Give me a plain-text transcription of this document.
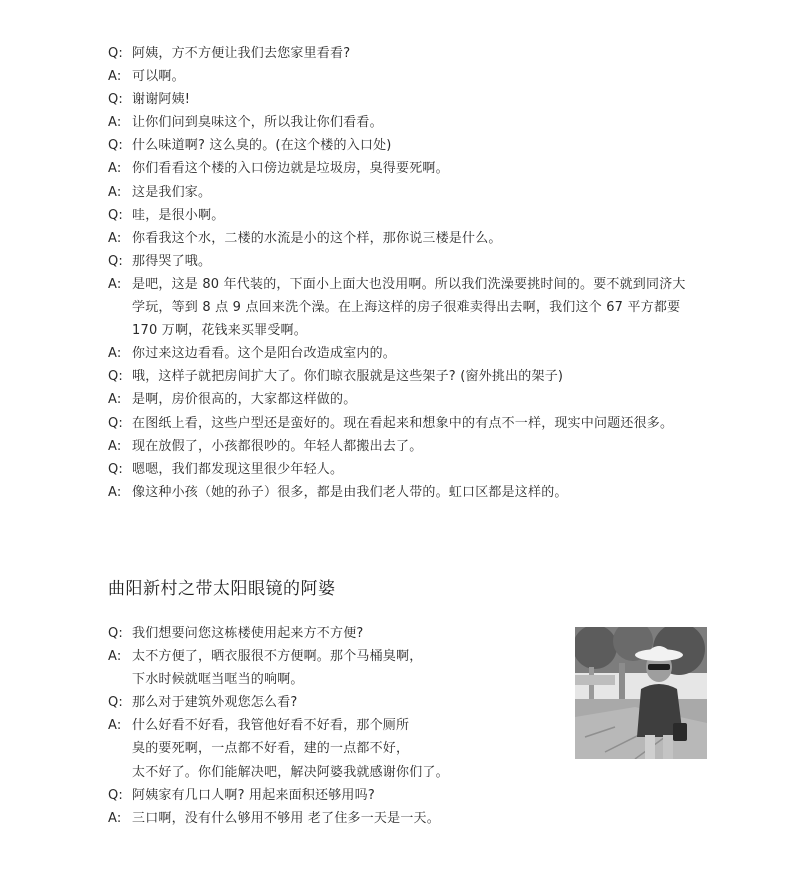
Q: 阿姨，方不方便让我们去您家里看看?
A: 可以啊。
Q: 谢谢阿姨!
A: 让你们问到臭味这个，所以我让你们看看。
Q: 什么味道啊? 这么臭的。(在这个楼的入口处)
A: 你们看看这个楼的入口傍边就是垃圾房，臭得要死啊。
A: 这是我们家。
Q: 哇，是很小啊。
A: 你看我这个水，二楼的水流是小的这个样，那你说三楼是什么。
Q: 那得哭了哦。
A: 是吧，这是 80 年代装的，下面小上面大也没用啊。所以我们洗澡要挑时间的。要不就到同济大
学玩，等到 8 点 9 点回来洗个澡。在上海这样的房子很难卖得出去啊，我们这个 67 平方都要
170 万啊，花钱来买罪受啊。
A: 你过来这边看看。这个是阳台改造成室内的。
Q: 哦，这样子就把房间扩大了。你们晾衣服就是这些架子? (窗外挑出的架子)
A: 是啊，房价很高的，大家都这样做的。
Q: 在图纸上看，这些户型还是蛮好的。现在看起来和想象中的有点不一样，现实中问题还很多。
A: 现在放假了，小孩都很吵的。年轻人都搬出去了。
Q: 嗯嗯，我们都发现这里很少年轻人。
A: 像这种小孩（她的孙子）很多，都是由我们老人带的。虹口区都是这样的。
曲阳新村之带太阳眼镜的阿婆
Q: 我们想要问您这栋楼使用起来方不方便?
A: 太不方便了，晒衣服很不方便啊。那个马桶臭啊，
下水时候就哐当哐当的响啊。
Q: 那么对于建筑外观您怎么看?
A: 什么好看不好看，我管他好看不好看，那个厕所
臭的要死啊，一点都不好看，建的一点都不好，
太不好了。你们能解决吧，解决阿婆我就感谢你们了。
Q: 阿姨家有几口人啊? 用起来面积还够用吗?
A: 三口啊，没有什么够用不够用 老了住多一天是一天。
